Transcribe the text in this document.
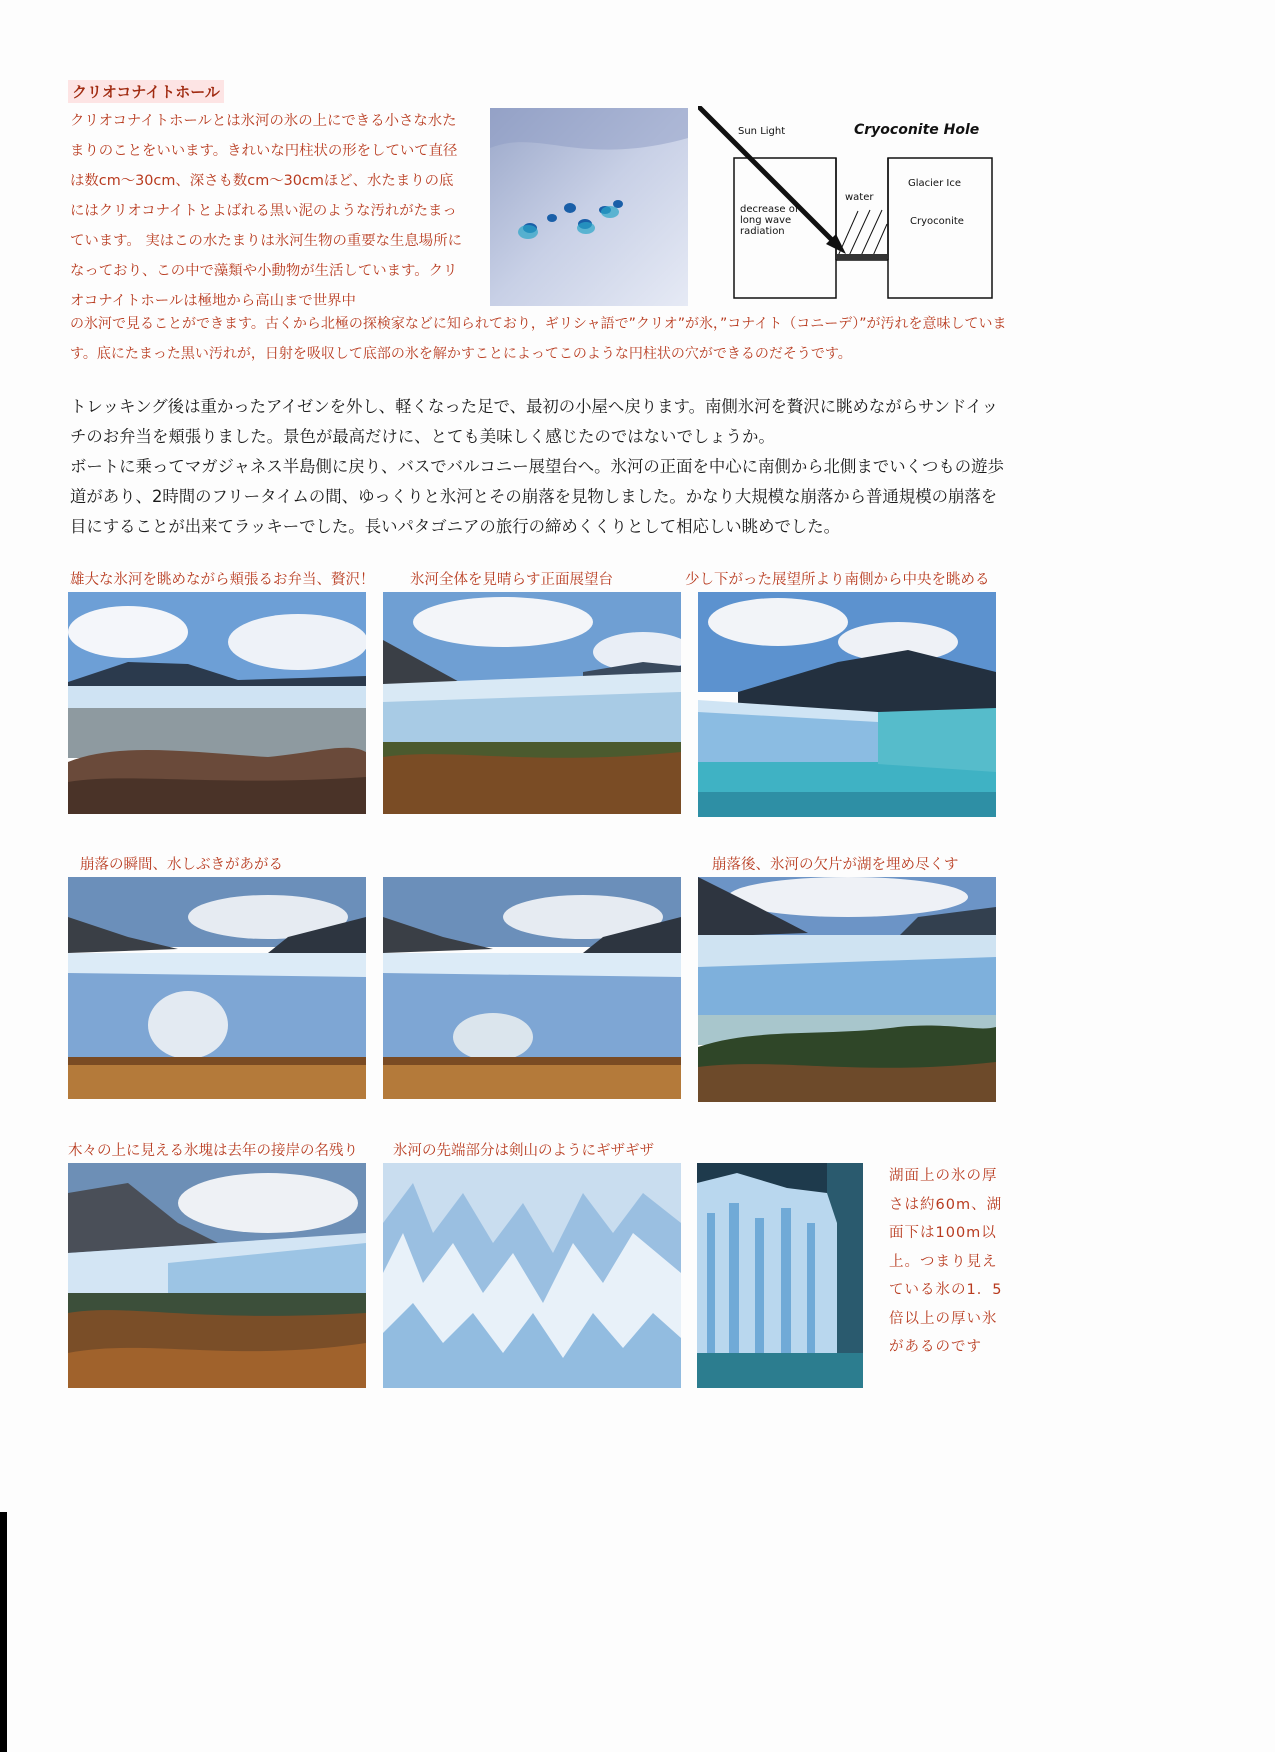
クリオコナイトホール
クリオコナイトホールとは氷河の氷の上にできる小さな水たまりのことをいいます。きれいな円柱状の形をしていて直径は数cm～30cm、深さも数cm～30cmほど、水たまりの底にはクリオコナイトとよばれる黒い泥のような汚れがたまっています。 実はこの水たまりは氷河生物の重要な生息場所になっており、この中で藻類や小動物が生活しています。クリオコナイトホールは極地から高山まで世界中
Cryoconite Hole
Sun Light
Glacier Ice
water
Cryoconite
decrease of
long wave
radiation
の氷河で見ることができます。古くから北極の探検家などに知られており，ギリシャ語で”クリオ”が氷，”コナイト（コニーデ）”が汚れを意味しています。底にたまった黒い汚れが，日射を吸収して底部の氷を解かすことによってこのような円柱状の穴ができるのだそうです。
トレッキング後は重かったアイゼンを外し、軽くなった足で、最初の小屋へ戻ります。南側氷河を贅沢に眺めながらサンドイッチのお弁当を頬張りました。景色が最高だけに、とても美味しく感じたのではないでしょうか。
ボートに乗ってマガジャネス半島側に戻り、バスでバルコニー展望台へ。氷河の正面を中心に南側から北側までいくつもの遊歩道があり、2時間のフリータイムの間、ゆっくりと氷河とその崩落を見物しました。かなり大規模な崩落から普通規模の崩落を目にすることが出来てラッキーでした。長いパタゴニアの旅行の締めくくりとして相応しい眺めでした。
雄大な氷河を眺めながら頬張るお弁当、贅沢！ 氷河全体を見晴らす正面展望台	少し下がった展望所より南側から中央を眺める
崩落の瞬間、水しぶきがあがる	崩落後、氷河の欠片が湖を埋め尽くす
木々の上に見える氷塊は去年の接岸の名残り 氷河の先端部分は剣山のようにギザギザ
湖面上の氷の厚さは約60m、湖面下は100m以上。つまり見えている氷の1．5倍以上の厚い氷があるのです
